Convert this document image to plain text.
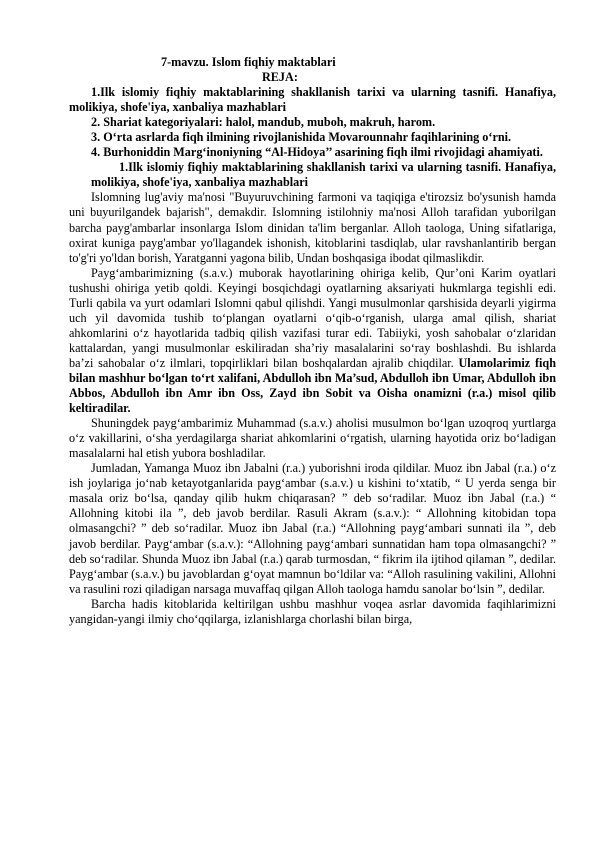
7-mavzu. Islom fiqhiy maktablari

REJA:

1.Ilk islomiy fiqhiy maktablarining shakllanish tarixi va ularning tasnifi. Hanafiya, molikiya, shofe'iya, xanbaliya mazhablari

2. Shariat kategoriyalari: halol, mandub, muboh, makruh, harom.

3. O‘rta asrlarda fiqh ilmining rivojlanishida Movarounnahr faqihlarining o‘rni.

4. Burhoniddin Marg‘inoniyning “Al-Hidoya’’ asarining fiqh ilmi rivojidagi ahamiyati.

1.Ilk islomiy fiqhiy maktablarining shakllanish tarixi va ularning tasnifi. Hanafiya, molikiya, shofe'iya, xanbaliya mazhablari

Islomning lug'aviy ma'nosi "Buyuruvchining farmoni va taqiqiga e'tirozsiz bo'ysunish hamda uni buyurilgandek bajarish", demakdir. Islomning istilohniy ma'nosi Alloh tarafidan yuborilgan barcha payg'ambarlar insonlarga Islom dinidan ta'lim berganlar. Alloh taologa, Uning sifatlariga, oxirat kuniga payg'ambar yo'llagandek ishonish, kitoblarini tasdiqlab, ular ravshanlantirib bergan to'g'ri yo'ldan borish, Yaratganni yagona bilib, Undan boshqasiga ibodat qilmaslikdir.

Payg‘ambarimizning (s.a.v.) muborak hayotlarining ohiriga kelib, Qur’oni Karim oyatlari tushushi ohiriga yetib qoldi. Keyingi bosqichdagi oyatlarning aksariyati hukmlarga tegishli edi. Turli qabila va yurt odamlari Islomni qabul qilishdi. Yangi musulmonlar qarshisida deyarli yigirma uch yil davomida tushib to‘plangan oyatlarni o‘qib-o‘rganish, ularga amal qilish, shariat ahkomlarini o‘z hayotlarida tadbiq qilish vazifasi turar edi. Tabiiyki, yosh sahobalar o‘zlaridan kattalardan, yangi musulmonlar eskiliradan sha’riy masalalarini so‘ray boshlashdi. Bu ishlarda ba’zi sahobalar o‘z ilmlari, topqirliklari bilan boshqalardan ajralib chiqdilar. Ulamolarimiz fiqh bilan mashhur bo‘lgan to‘rt xalifani, Abdulloh ibn Ma’sud, Abdulloh ibn Umar, Abdulloh ibn Abbos, Abdulloh ibn Amr ibn Oss, Zayd ibn Sobit va Oisha onamizni (r.a.) misol qilib keltiradilar.

Shuningdek payg‘ambarimiz Muhammad (s.a.v.) aholisi musulmon bo‘lgan uzoqroq yurtlarga o‘z vakillarini, o‘sha yerdagilarga shariat ahkomlarini o‘rgatish, ularning hayotida oriz bo‘ladigan masalalarni hal etish yubora boshladilar.

Jumladan, Yamanga Muoz ibn Jabalni (r.a.) yuborishni iroda qildilar. Muoz ibn Jabal (r.a.) o‘z ish joylariga jo‘nab ketayotganlarida payg‘ambar (s.a.v.) u kishini to‘xtatib, “ U yerda senga bir masala oriz bo‘lsa, qanday qilib hukm chiqarasan? ” deb so‘radilar. Muoz ibn Jabal (r.a.) “ Allohning kitobi ila ”, deb javob berdilar. Rasuli Akram (s.a.v.): “ Allohning kitobidan topa olmasangchi? ” deb so‘radilar. Muoz ibn Jabal (r.a.) “Allohning payg‘ambari sunnati ila ”, deb javob berdilar. Payg‘ambar (s.a.v.): “Allohning payg‘ambari sunnatidan ham topa olmasangchi? ” deb so‘radilar. Shunda Muoz ibn Jabal (r.a.) qarab turmosdan, “ fikrim ila ijtihod qilaman ”, dedilar. Payg‘ambar (s.a.v.) bu javoblardan g‘oyat mamnun bo‘ldilar va: “Alloh rasulining vakilini, Allohni va rasulini rozi qiladigan narsaga muvaffaq qilgan Alloh taologa hamdu sanolar bo‘lsin ”, dedilar.

Barcha hadis kitoblarida keltirilgan ushbu mashhur voqea asrlar davomida faqihlarimizni yangidan-yangi ilmiy cho‘qqilarga, izlanishlarga chorlashi bilan birga,
